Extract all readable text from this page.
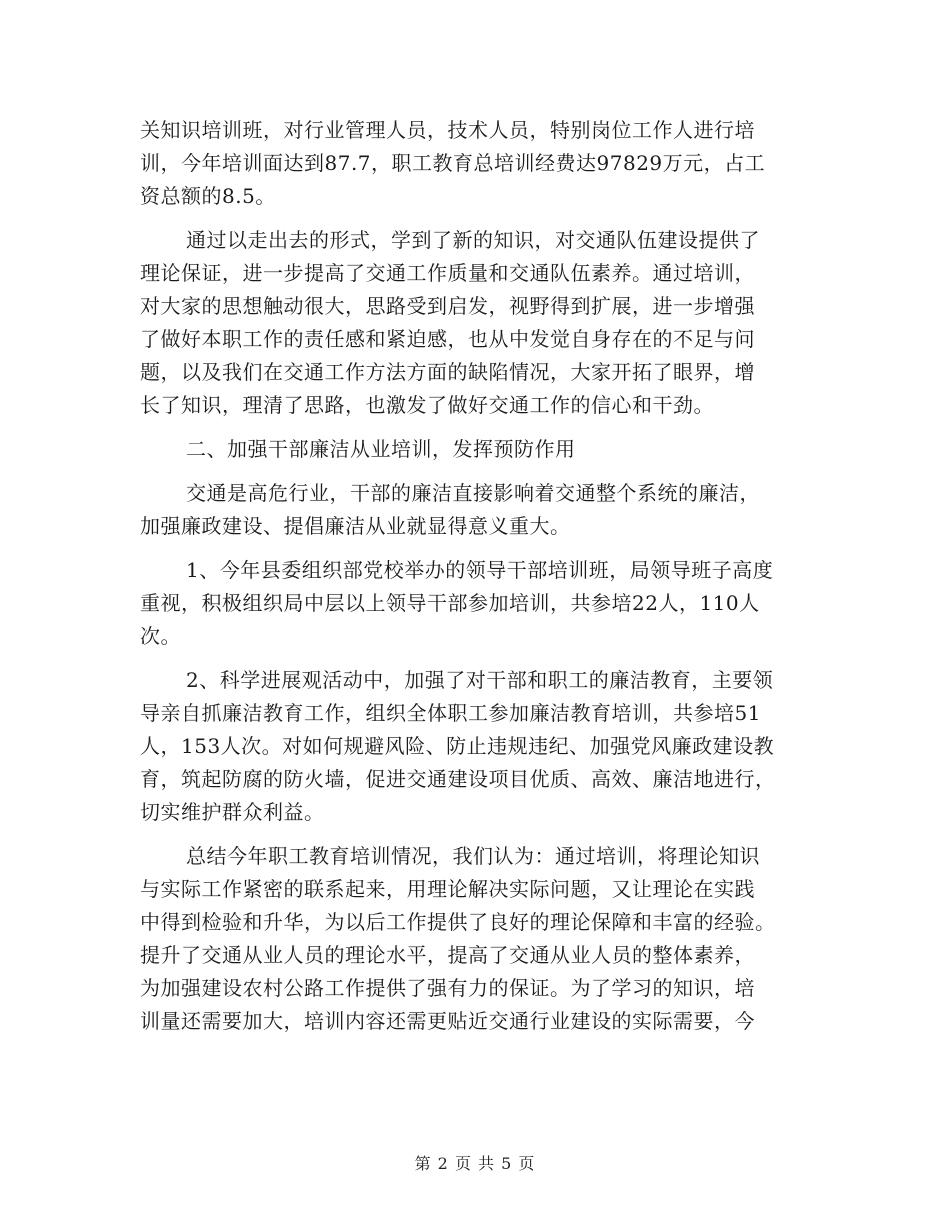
关知识培训班，对行业管理人员，技术人员，特别岗位工作人进行培
训，今年培训面达到87.7，职工教育总培训经费达97829万元，占工
资总额的8.5。
通过以走出去的形式，学到了新的知识，对交通队伍建设提供了
理论保证，进一步提高了交通工作质量和交通队伍素养。通过培训，
对大家的思想触动很大，思路受到启发，视野得到扩展，进一步增强
了做好本职工作的责任感和紧迫感，也从中发觉自身存在的不足与问
题，以及我们在交通工作方法方面的缺陷情况，大家开拓了眼界，增
长了知识，理清了思路，也激发了做好交通工作的信心和干劲。
二、加强干部廉洁从业培训，发挥预防作用
交通是高危行业，干部的廉洁直接影响着交通整个系统的廉洁，
加强廉政建设、提倡廉洁从业就显得意义重大。
1、今年县委组织部党校举办的领导干部培训班，局领导班子高度
重视，积极组织局中层以上领导干部参加培训，共参培22人，110人
次。
2、科学进展观活动中，加强了对干部和职工的廉洁教育，主要领
导亲自抓廉洁教育工作，组织全体职工参加廉洁教育培训，共参培51
人，153人次。对如何规避风险、防止违规违纪、加强党风廉政建设教
育，筑起防腐的防火墙，促进交通建设项目优质、高效、廉洁地进行，
切实维护群众利益。
总结今年职工教育培训情况，我们认为：通过培训，将理论知识
与实际工作紧密的联系起来，用理论解决实际问题，又让理论在实践
中得到检验和升华，为以后工作提供了良好的理论保障和丰富的经验。
提升了交通从业人员的理论水平，提高了交通从业人员的整体素养，
为加强建设农村公路工作提供了强有力的保证。为了学习的知识，培
训量还需要加大，培训内容还需更贴近交通行业建设的实际需要，今
第 2 页 共 5 页
